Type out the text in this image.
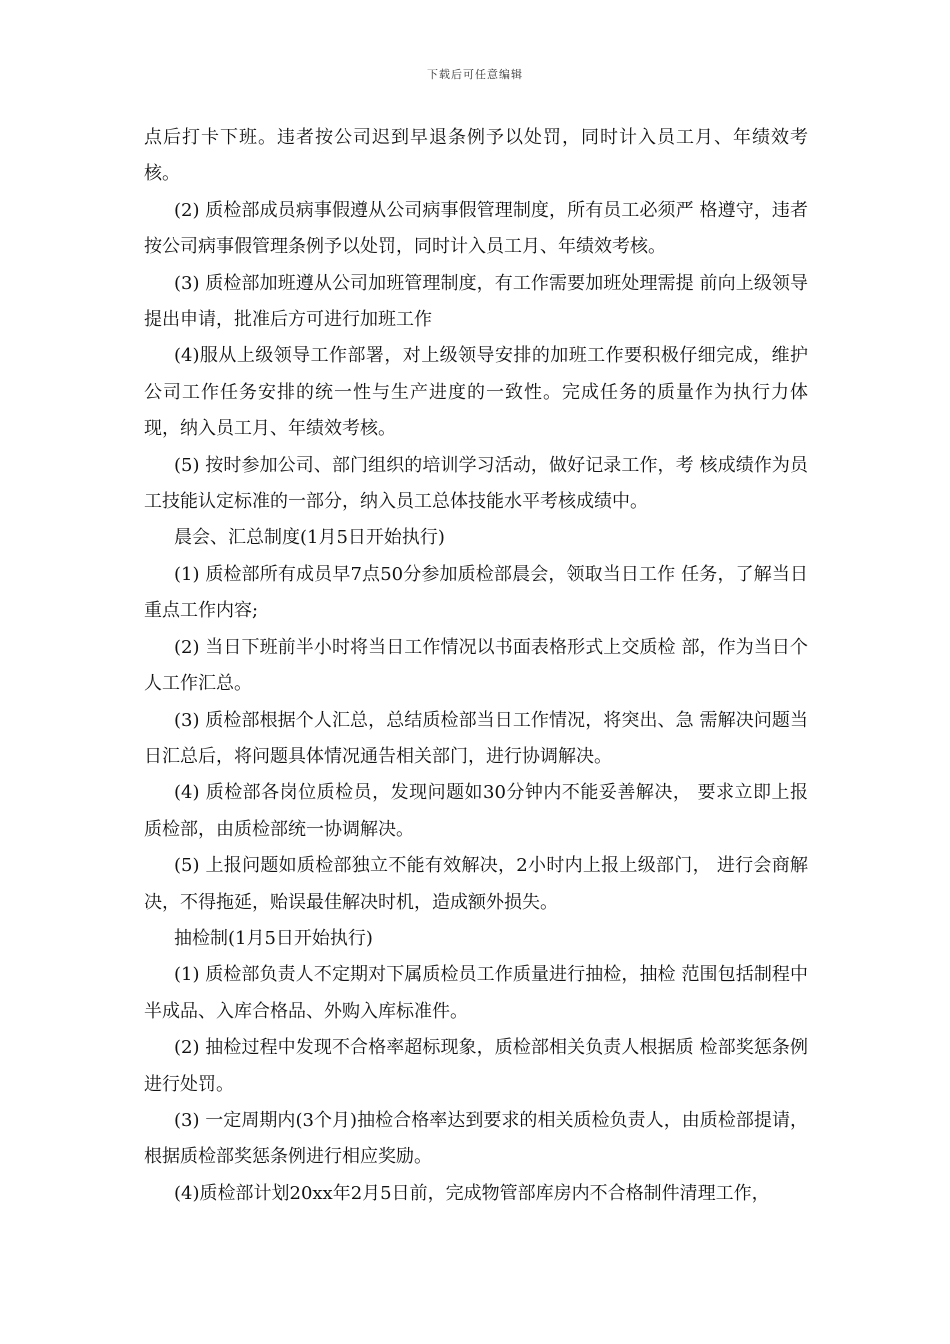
下载后可任意编辑

点后打卡下班。违者按公司迟到早退条例予以处罚，同时计入员工月、年绩效考核。

(2) 质检部成员病事假遵从公司病事假管理制度，所有员工必须严 格遵守，违者按公司病事假管理条例予以处罚，同时计入员工月、年绩效考核。

(3) 质检部加班遵从公司加班管理制度，有工作需要加班处理需提 前向上级领导提出申请，批准后方可进行加班工作

(4)服从上级领导工作部署，对上级领导安排的加班工作要积极仔细完成，维护公司工作任务安排的统一性与生产进度的一致性。完成任务的质量作为执行力体现，纳入员工月、年绩效考核。

(5) 按时参加公司、部门组织的培训学习活动，做好记录工作，考 核成绩作为员工技能认定标准的一部分，纳入员工总体技能水平考核成绩中。

晨会、汇总制度(1月5日开始执行)

(1) 质检部所有成员早7点50分参加质检部晨会，领取当日工作 任务，了解当日重点工作内容;

(2) 当日下班前半小时将当日工作情况以书面表格形式上交质检 部，作为当日个人工作汇总。

(3) 质检部根据个人汇总，总结质检部当日工作情况，将突出、急 需解决问题当日汇总后，将问题具体情况通告相关部门，进行协调解决。

(4) 质检部各岗位质检员，发现问题如30分钟内不能妥善解决， 要求立即上报质检部，由质检部统一协调解决。

(5) 上报问题如质检部独立不能有效解决，2小时内上报上级部门， 进行会商解决，不得拖延，贻误最佳解决时机，造成额外损失。

抽检制(1月5日开始执行)

(1) 质检部负责人不定期对下属质检员工作质量进行抽检，抽检 范围包括制程中半成品、入库合格品、外购入库标准件。

(2) 抽检过程中发现不合格率超标现象，质检部相关负责人根据质 检部奖惩条例进行处罚。

(3) 一定周期内(3个月)抽检合格率达到要求的相关质检负责人，由质检部提请，根据质检部奖惩条例进行相应奖励。

(4)质检部计划20xx年2月5日前，完成物管部库房内不合格制件清理工作，
